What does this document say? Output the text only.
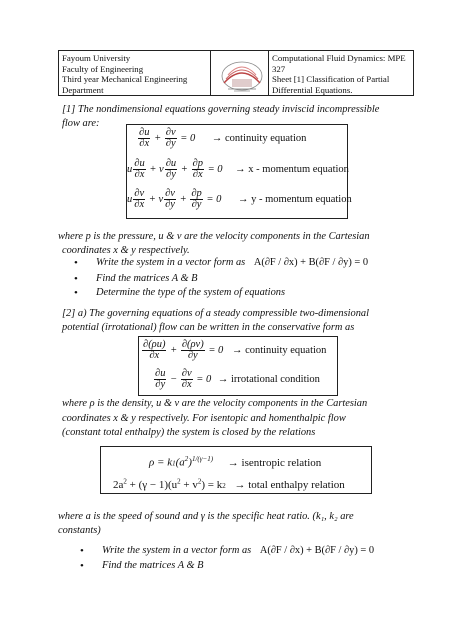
Fayoum University
Faculty of Engineering
Third year Mechanical Engineering
Department
Computational Fluid Dynamics: MPE 327
Sheet [1] Classification of Partial
Differential Equations.
[1] The nondimensional equations governing steady inviscid incompressible
flow are:
$\frac{\partial u}{\partial x} + \frac{\partial v}{\partial y} = 0$ → continuity equation
u $\frac{\partial u}{\partial x} + v \frac{\partial u}{\partial y} + \frac{\partial p}{\partial x} = 0 \to x$ - momentum equation
u $\frac{\partial v}{\partial x} + v \frac{\partial v}{\partial y} + \frac{\partial p}{\partial y} = 0 \to y$ - momentum equation
where p is the pressure, u & v are the velocity components in the Cartesian
coordinates x & y respectively.
• Write the system in a vector form as A(∂F / ∂x) + B(∂F / ∂y) = 0
• Find the matrices A & B
• Determine the type of the system of equations
[2] a) The governing equations of a steady compressible two-dimensional
potential (irrotational) flow can be written in the conservative form as
$\frac{\partial(\rho u)}{\partial x} + \frac{\partial(\rho v)}{\partial y} = 0$ → continuity equation
$\frac{\partial u}{\partial y} - \frac{\partial v}{\partial x} = 0$ → irrotational condition
where ρ is the density, u & v are the velocity components in the Cartesian
coordinates x & y respectively. For isentopic and homenthalpic flow
(constant total enthalpy) the system is closed by the relations
$\rho = k1(a^2)^{1/(\gamma-1)}$ → isentropic relation
$2a^2 + (\gamma - 1)(u^2 + v^2) = k2$ → total enthalpy relation
where a is the speed of sound and γ is the specific heat ratio. (k₁, k₂ are
constants)
• Write the system in a vector form as A(∂F / ∂x) + B(∂F / ∂y) = 0
• Find the matrices A & B
